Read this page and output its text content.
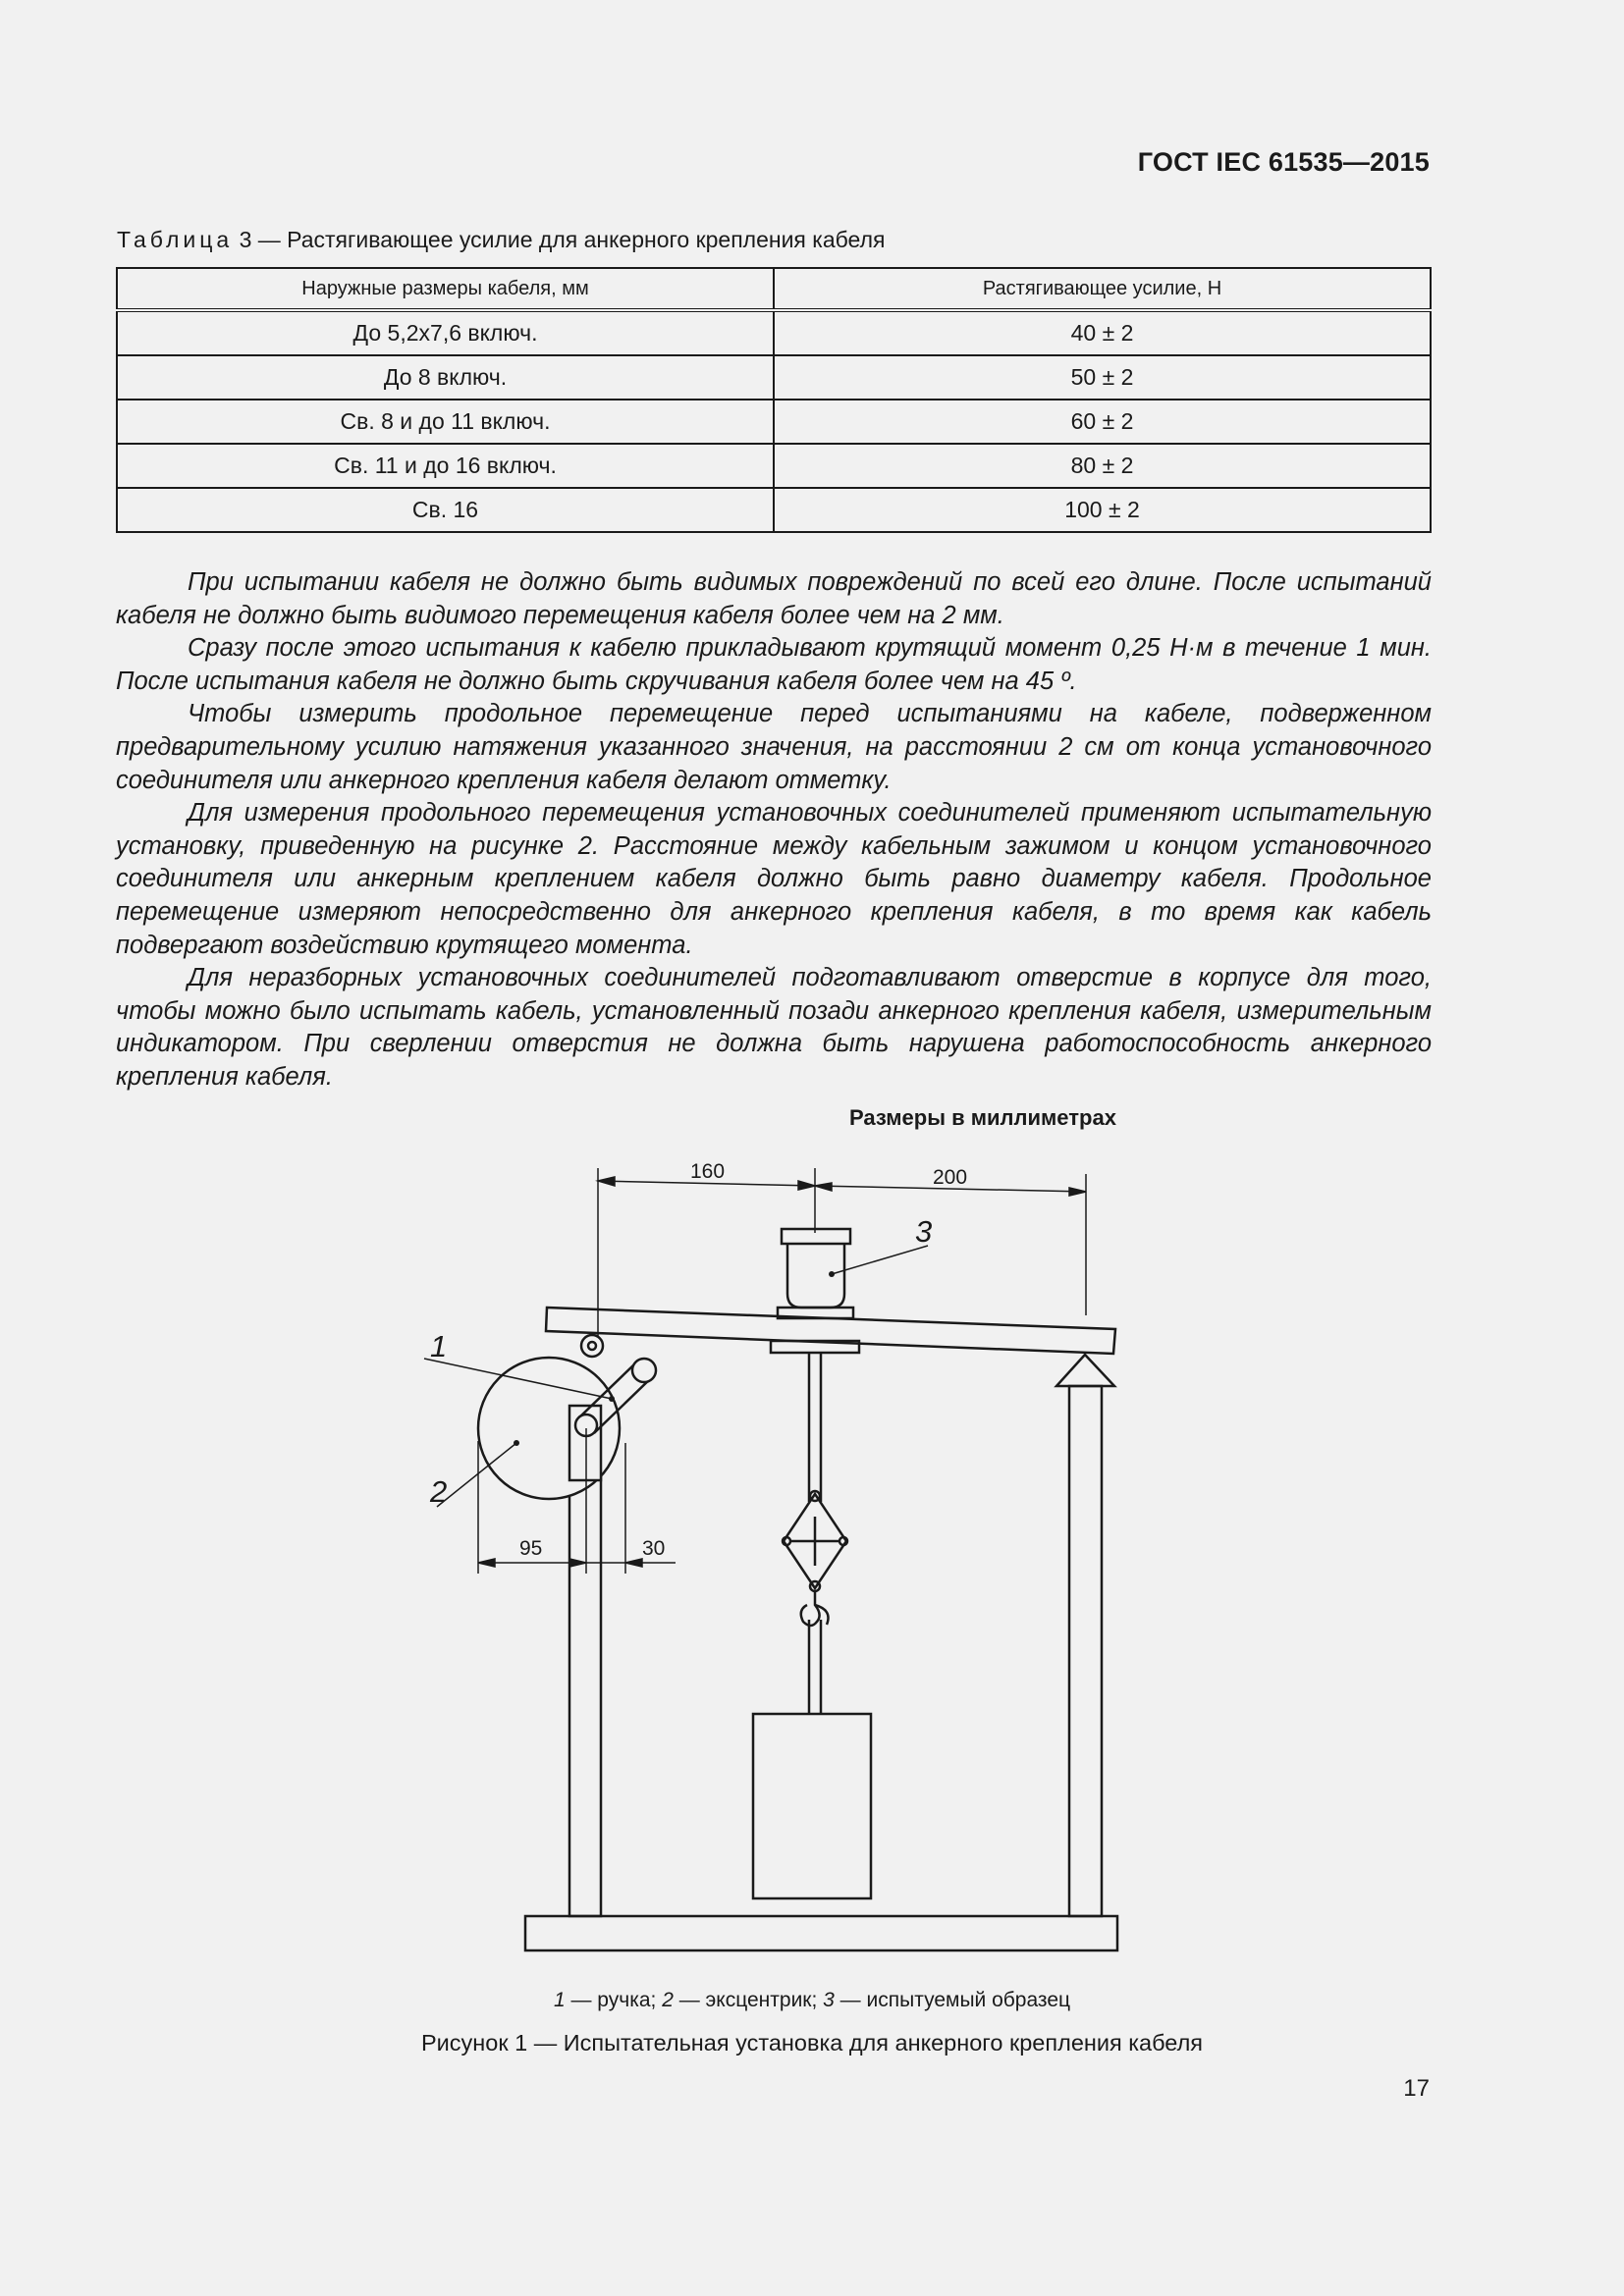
ГОСТ IEC 61535—2015
Таблица 3 — Растягивающее усилие для анкерного крепления кабеля
Наружные размеры кабеля, мм	Растягивающее усилие, Н
До 5,2х7,6 включ.	40 ± 2
До 8 включ.	50 ± 2
Св. 8 и до 11 включ.	60 ± 2
Св. 11 и до 16 включ.	80 ± 2
Св. 16	100 ± 2

При испытании кабеля не должно быть видимых повреждений по всей его длине. После испытаний кабеля не должно быть видимого перемещения кабеля более чем на 2 мм.

Сразу после этого испытания к кабелю прикладывают крутящий момент 0,25 Н·м в течение 1 мин. После испытания кабеля не должно быть скручивания кабеля более чем на 45 º.

Чтобы измерить продольное перемещение перед испытаниями на кабеле, подверженном предварительному усилию натяжения указанного значения, на расстоянии 2 см от конца установочного соединителя или анкерного крепления кабеля делают отметку.

Для измерения продольного перемещения установочных соединителей применяют испытательную установку, приведенную на рисунке 2. Расстояние между кабельным зажимом и концом установочного соединителя или анкерным креплением кабеля должно быть равно диаметру кабеля. Продольное перемещение измеряют непосредственно для анкерного крепления кабеля, в то время как кабель подвергают воздействию крутящего момента.

Для неразборных установочных соединителей подготавливают отверстие в корпусе для того, чтобы можно было испытать кабель, установленный позади анкерного крепления кабеля, измерительным индикатором. При сверлении отверстия не должна быть нарушена работоспособность анкерного крепления кабеля.

Размеры в миллиметрах
160	200
95	30
1
2
3
1 — ручка; 2 — эксцентрик; 3 — испытуемый образец
Рисунок 1 — Испытательная установка для анкерного крепления кабеля
17
